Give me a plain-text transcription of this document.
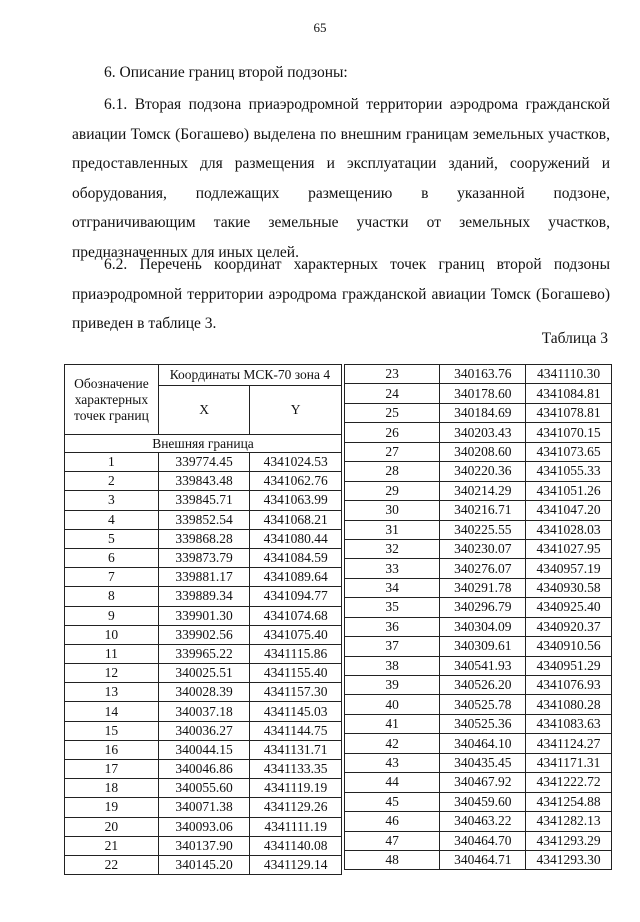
65
6. Описание границ второй подзоны:
6.1. Вторая подзона приаэродромной территории аэродрома гражданской авиации Томск (Богашево) выделена по внешним границам земельных участков, предоставленных для размещения и эксплуатации зданий, сооружений и оборудования, подлежащих размещению в указанной подзоне, отграничивающим такие земельные участки от земельных участков, предназначенных для иных целей.
6.2. Перечень координат характерных точек границ второй подзоны приаэродромной территории аэродрома гражданской авиации Томск (Богашево) приведен в таблице 3.
Таблица 3
Обозначение характерных точек границ	Координаты МСК-70 зона 4	
	X	Y
Внешняя граница		
1	339774.45	4341024.53
2	339843.48	4341062.76
3	339845.71	4341063.99
4	339852.54	4341068.21
5	339868.28	4341080.44
6	339873.79	4341084.59
7	339881.17	4341089.64
8	339889.34	4341094.77
9	339901.30	4341074.68
10	339902.56	4341075.40
11	339965.22	4341115.86
12	340025.51	4341155.40
13	340028.39	4341157.30
14	340037.18	4341145.03
15	340036.27	4341144.75
16	340044.15	4341131.71
17	340046.86	4341133.35
18	340055.60	4341119.19
19	340071.38	4341129.26
20	340093.06	4341111.19
21	340137.90	4341140.08
22	340145.20	4341129.14
23	340163.76	4341110.30
24	340178.60	4341084.81
25	340184.69	4341078.81
26	340203.43	4341070.15
27	340208.60	4341073.65
28	340220.36	4341055.33
29	340214.29	4341051.26
30	340216.71	4341047.20
31	340225.55	4341028.03
32	340230.07	4341027.95
33	340276.07	4340957.19
34	340291.78	4340930.58
35	340296.79	4340925.40
36	340304.09	4340920.37
37	340309.61	4340910.56
38	340541.93	4340951.29
39	340526.20	4341076.93
40	340525.78	4341080.28
41	340525.36	4341083.63
42	340464.10	4341124.27
43	340435.45	4341171.31
44	340467.92	4341222.72
45	340459.60	4341254.88
46	340463.22	4341282.13
47	340464.70	4341293.29
48	340464.71	4341293.30
